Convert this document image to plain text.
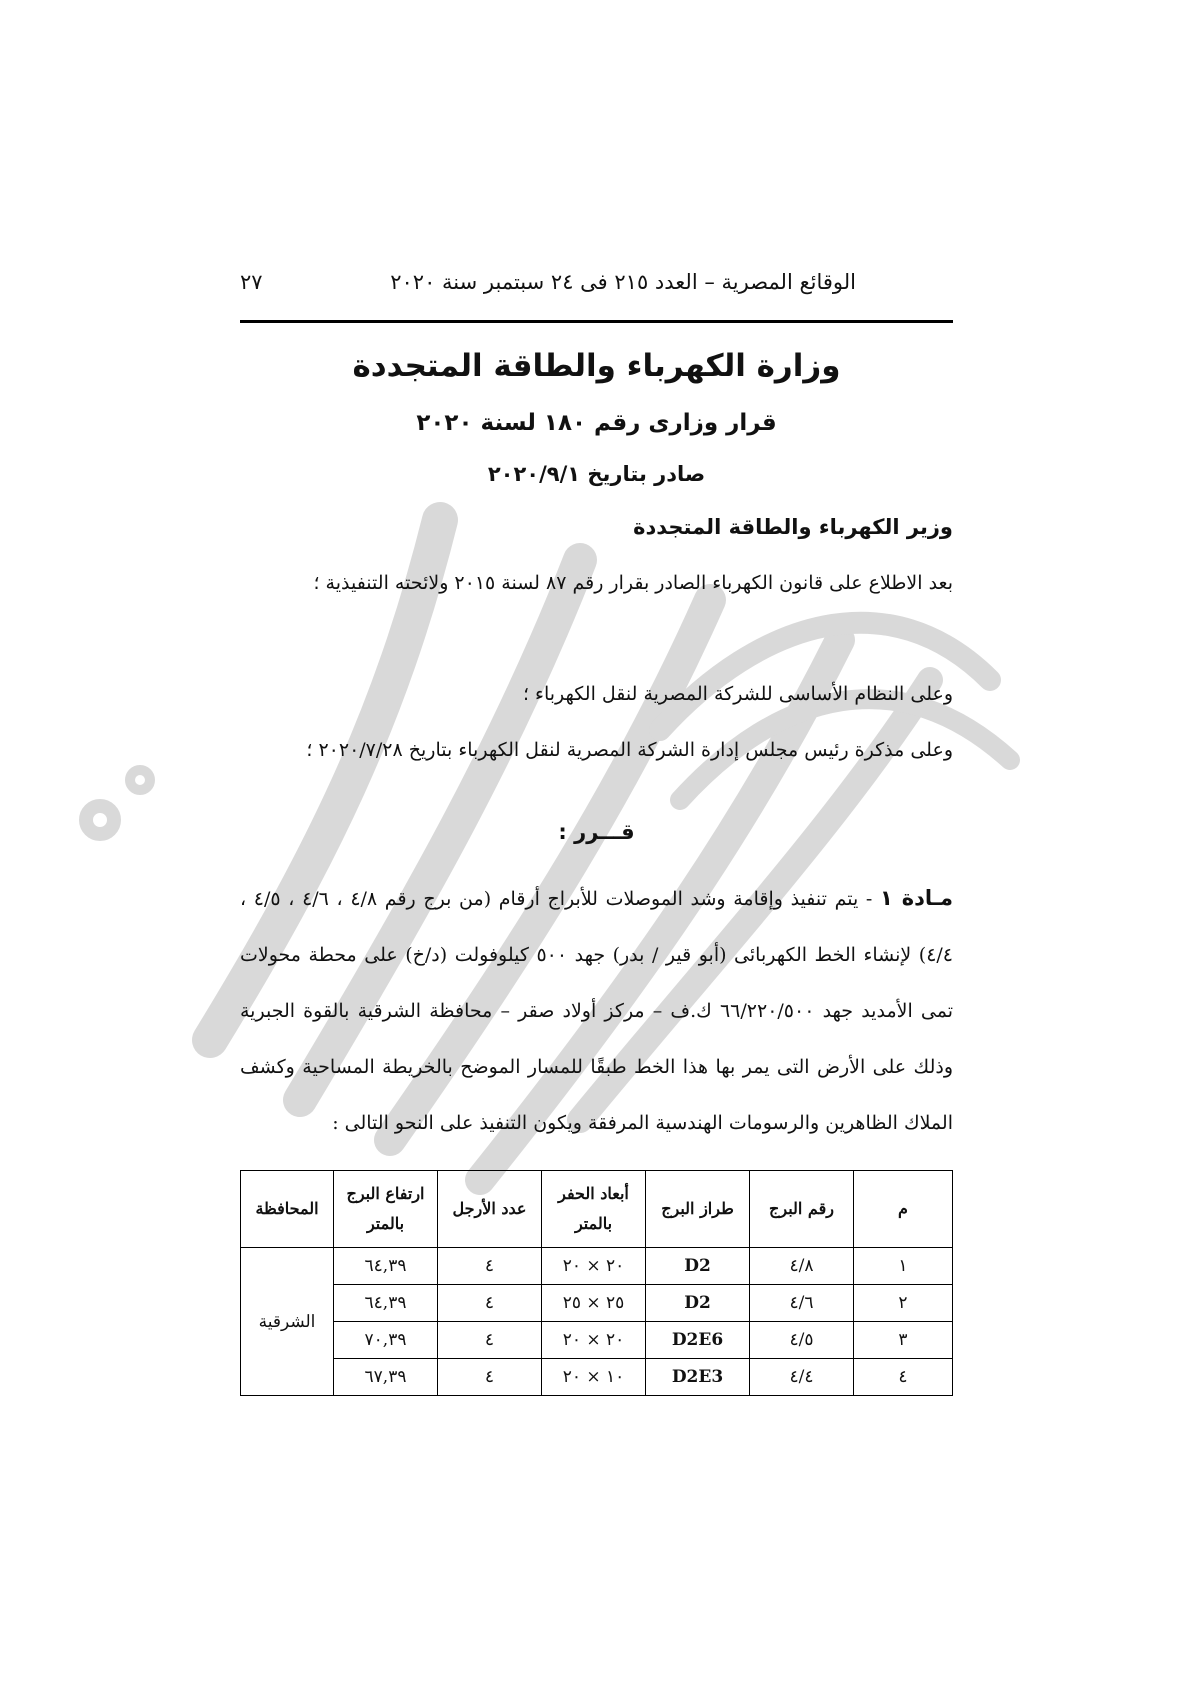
الوقائع المصرية – العدد ٢١٥ فى ٢٤ سبتمبر سنة ٢٠٢٠
٢٧
وزارة الكهرباء والطاقة المتجددة
قرار وزارى رقم ١٨٠ لسنة ٢٠٢٠
صادر بتاريخ ٢٠٢٠/٩/١
وزير الكهرباء والطاقة المتجددة
بعد الاطلاع على قانون الكهرباء الصادر بقرار رقم ٨٧ لسنة ٢٠١٥ ولائحته التنفيذية ؛
وعلى النظام الأساسى للشركة المصرية لنقل الكهرباء ؛
وعلى مذكرة رئيس مجلس إدارة الشركة المصرية لنقل الكهرباء بتاريخ ٢٠٢٠/٧/٢٨ ؛
قـــرر :
مـادة ١ - يتم تنفيذ وإقامة وشد الموصلات للأبراج أرقام (من برج رقم ٤/٨ ، ٤/٦ ، ٤/٥ ، ٤/٤) لإنشاء الخط الكهربائى (أبو قير / بدر) جهد ٥٠٠ كيلوفولت (د/خ) على محطة محولات تمى الأمديد جهد ٦٦/٢٢٠/٥٠٠ ك.ف – مركز أولاد صقر – محافظة الشرقية بالقوة الجبرية وذلك على الأرض التى يمر بها هذا الخط طبقًا للمسار الموضح بالخريطة المساحية وكشف الملاك الظاهرين والرسومات الهندسية المرفقة ويكون التنفيذ على النحو التالى :
م	رقم البرج	طراز البرج	أبعاد الحفر بالمتر	عدد الأرجل	ارتفاع البرج بالمتر	المحافظة
١	٤/٨	D2	٢٠ × ٢٠	٤	٦٤,٣٩	الشرقية
٢	٤/٦	D2	٢٥ × ٢٥	٤	٦٤,٣٩	
٣	٤/٥	D2E6	٢٠ × ٢٠	٤	٧٠,٣٩	
٤	٤/٤	D2E3	١٠ × ٢٠	٤	٦٧,٣٩	
